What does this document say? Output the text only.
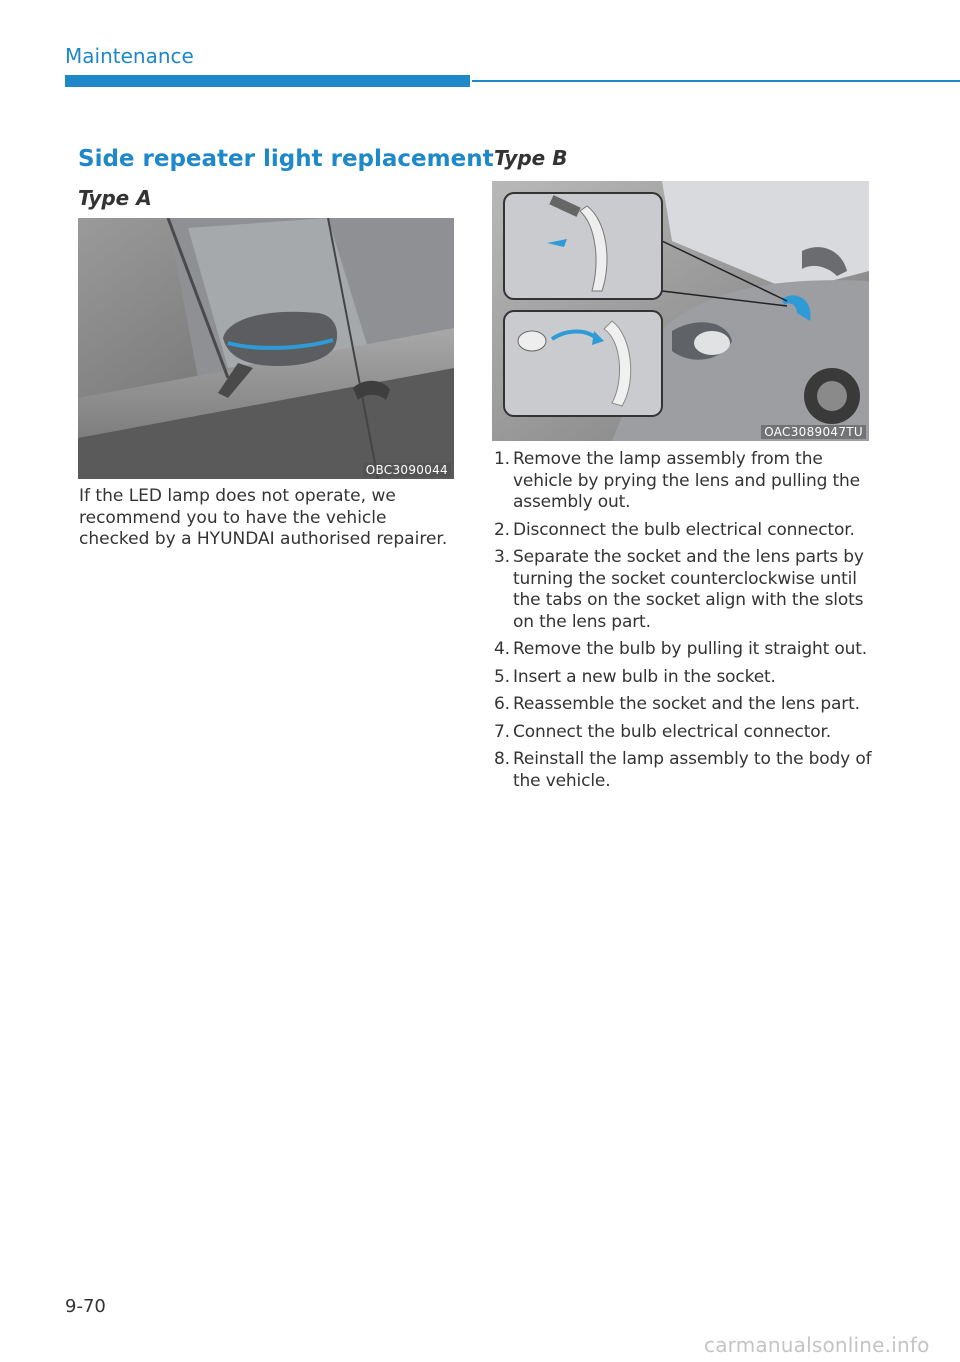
Maintenance
Side repeater light replacement
Type A
OBC3090044
If the LED lamp does not operate, we recommend you to have the vehicle checked by a HYUNDAI authorised repairer.
Type B
OAC3089047TU
1. Remove the lamp assembly from the vehicle by prying the lens and pulling the assembly out.
2. Disconnect the bulb electrical connector.
3. Separate the socket and the lens parts by turning the socket counterclockwise until the tabs on the socket align with the slots on the lens part.
4. Remove the bulb by pulling it straight out.
5. Insert a new bulb in the socket.
6. Reassemble the socket and the lens part.
7. Connect the bulb electrical connector.
8. Reinstall the lamp assembly to the body of the vehicle.
9-70
carmanualsonline.info
